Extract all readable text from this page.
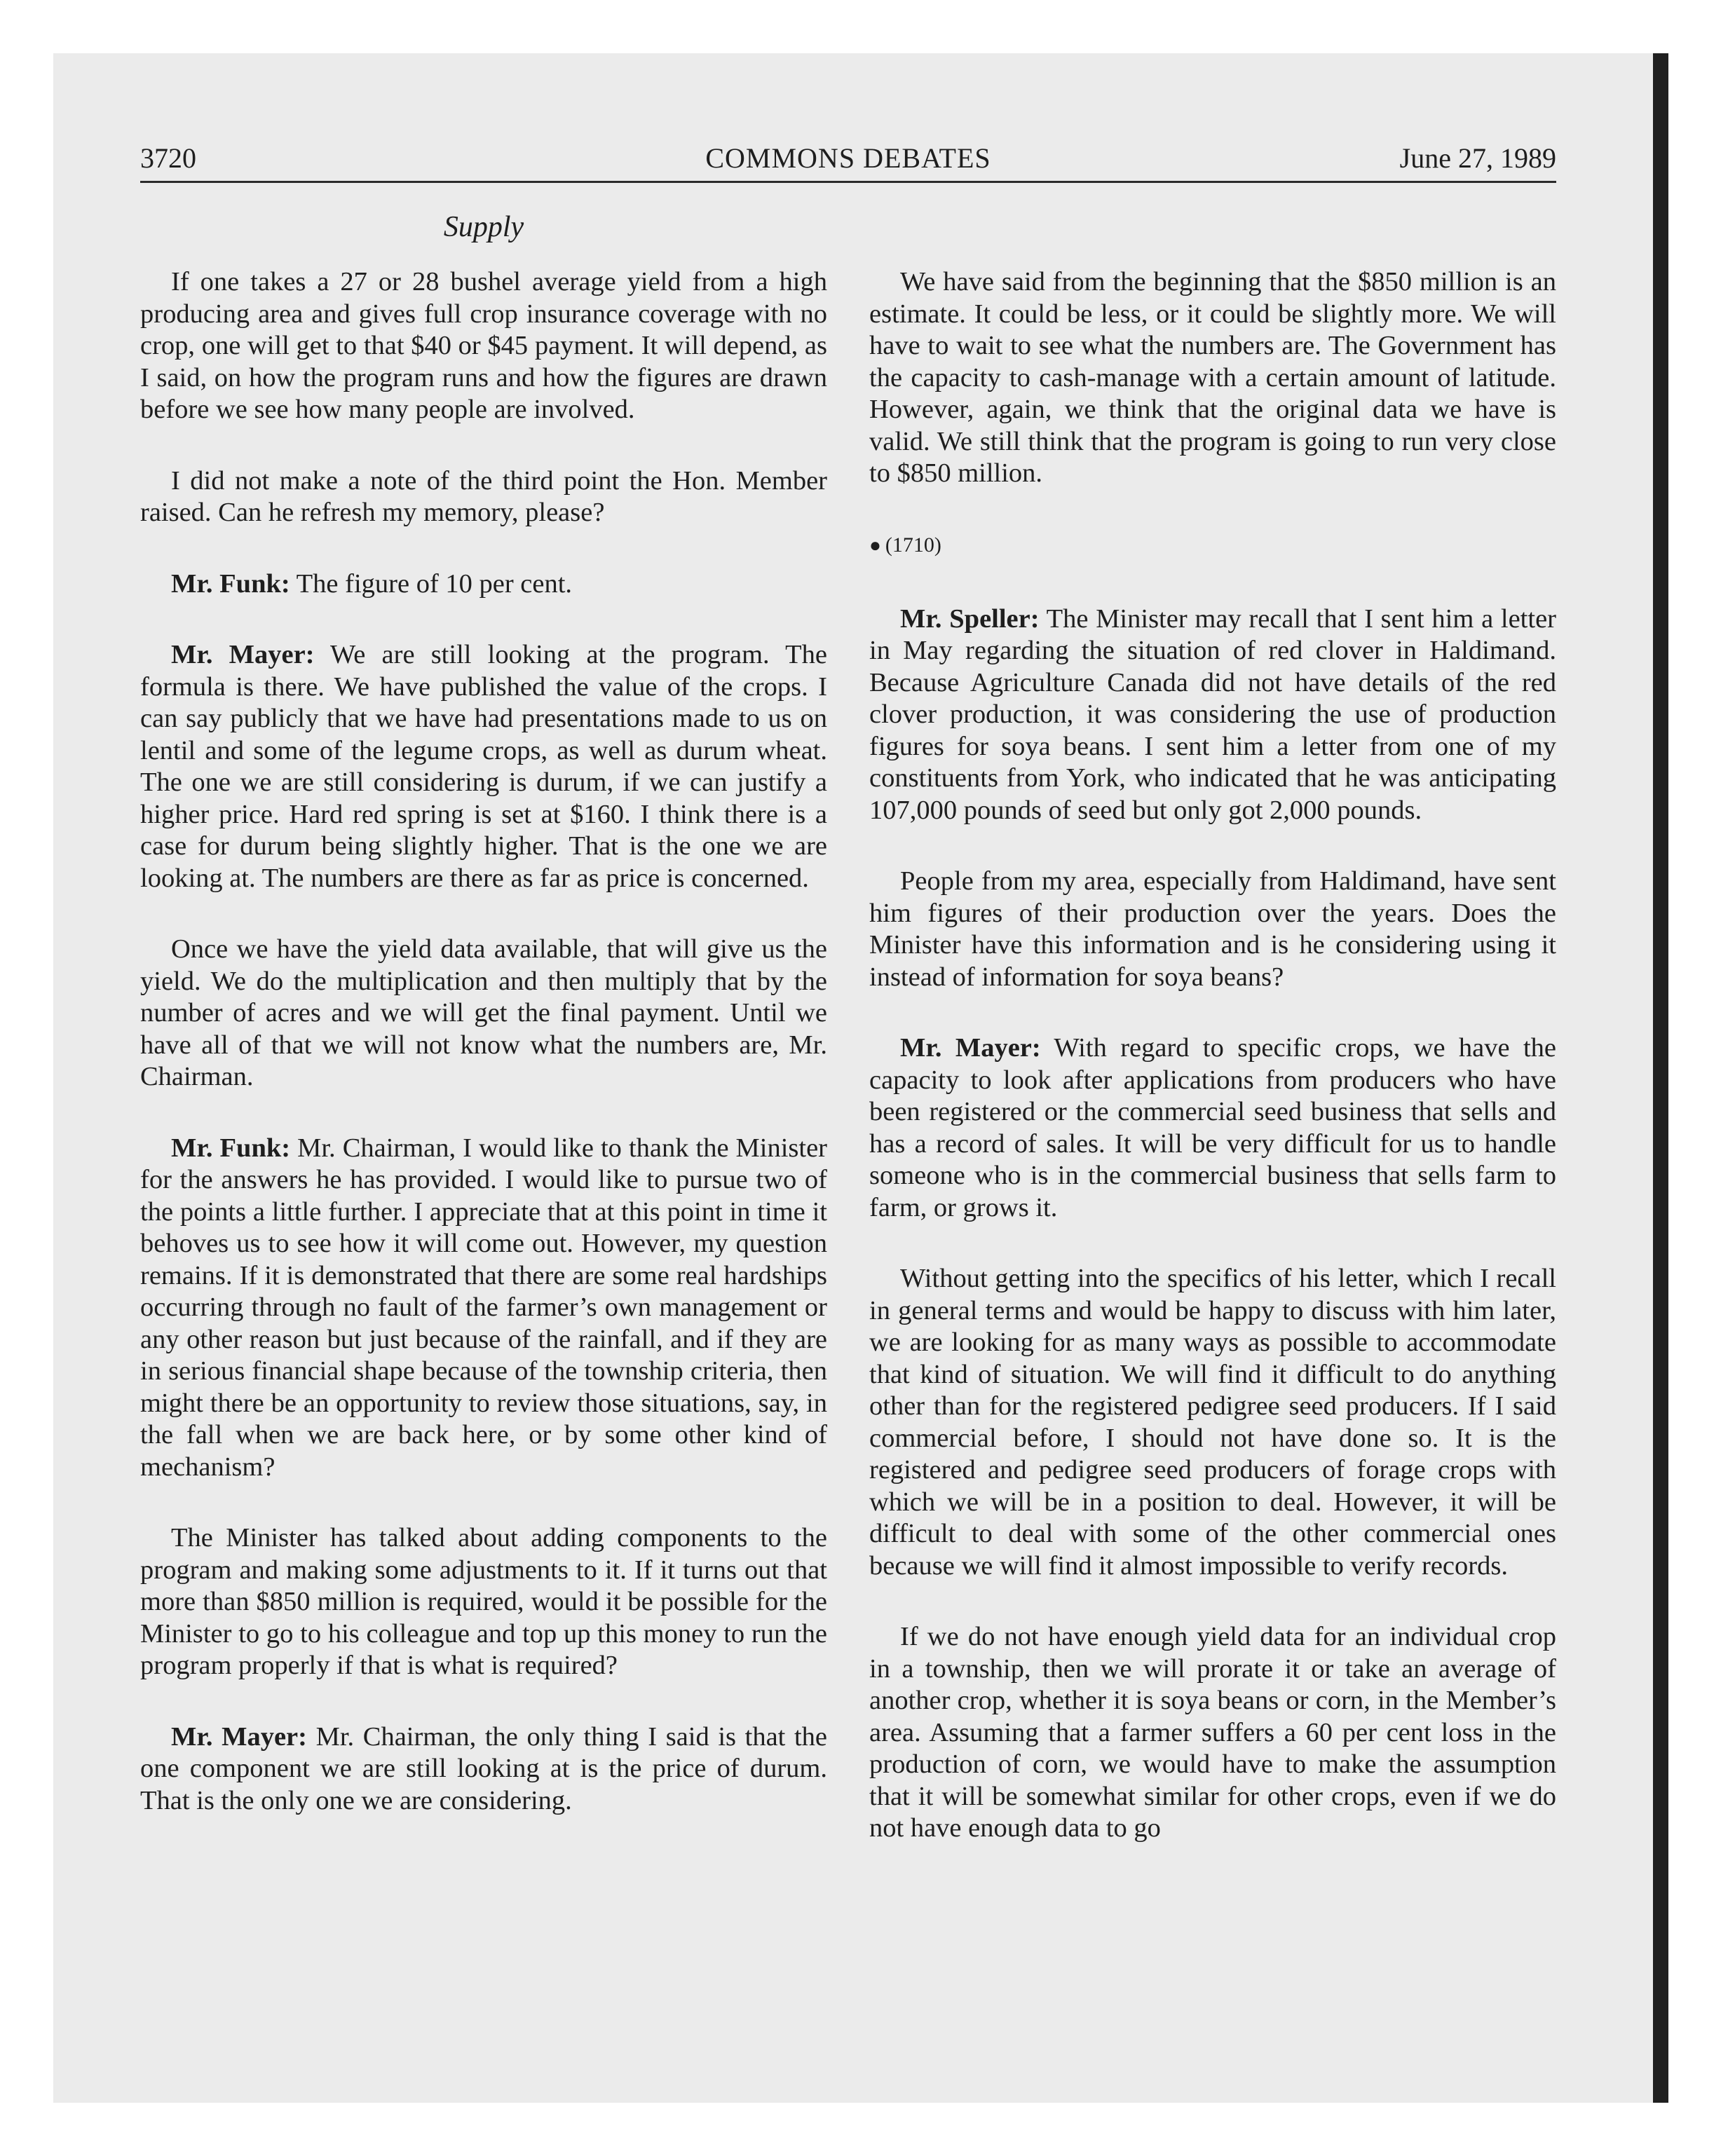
3720	COMMONS DEBATES	June 27, 1989
Supply

If one takes a 27 or 28 bushel average yield from a high producing area and gives full crop insurance coverage with no crop, one will get to that $40 or $45 payment. It will depend, as I said, on how the program runs and how the figures are drawn before we see how many people are involved.

I did not make a note of the third point the Hon. Member raised. Can he refresh my memory, please?

Mr. Funk: The figure of 10 per cent.

Mr. Mayer: We are still looking at the program. The formula is there. We have published the value of the crops. I can say publicly that we have had presentations made to us on lentil and some of the legume crops, as well as durum wheat. The one we are still considering is durum, if we can justify a higher price. Hard red spring is set at $160. I think there is a case for durum being slightly higher. That is the one we are looking at. The numbers are there as far as price is concerned.

Once we have the yield data available, that will give us the yield. We do the multiplication and then multiply that by the number of acres and we will get the final payment. Until we have all of that we will not know what the numbers are, Mr. Chairman.

Mr. Funk: Mr. Chairman, I would like to thank the Minister for the answers he has provided. I would like to pursue two of the points a little further. I appreciate that at this point in time it behoves us to see how it will come out. However, my question remains. If it is demonstrated that there are some real hardships occurring through no fault of the farmer’s own management or any other reason but just because of the rainfall, and if they are in serious financial shape because of the township criteria, then might there be an opportunity to review those situations, say, in the fall when we are back here, or by some other kind of mechanism?

The Minister has talked about adding components to the program and making some adjustments to it. If it turns out that more than $850 million is required, would it be possible for the Minister to go to his colleague and top up this money to run the program properly if that is what is required?

Mr. Mayer: Mr. Chairman, the only thing I said is that the one component we are still looking at is the price of durum. That is the only one we are considering.

We have said from the beginning that the $850 million is an estimate. It could be less, or it could be slightly more. We will have to wait to see what the numbers are. The Government has the capacity to cash-manage with a certain amount of latitude. However, again, we think that the original data we have is valid. We still think that the program is going to run very close to $850 million.

● (1710)

Mr. Speller: The Minister may recall that I sent him a letter in May regarding the situation of red clover in Haldimand. Because Agriculture Canada did not have details of the red clover production, it was considering the use of production figures for soya beans. I sent him a letter from one of my constituents from York, who indicated that he was anticipating 107,000 pounds of seed but only got 2,000 pounds.

People from my area, especially from Haldimand, have sent him figures of their production over the years. Does the Minister have this information and is he considering using it instead of information for soya beans?

Mr. Mayer: With regard to specific crops, we have the capacity to look after applications from producers who have been registered or the commercial seed business that sells and has a record of sales. It will be very difficult for us to handle someone who is in the commercial business that sells farm to farm, or grows it.

Without getting into the specifics of his letter, which I recall in general terms and would be happy to discuss with him later, we are looking for as many ways as possible to accommodate that kind of situation. We will find it difficult to do anything other than for the registered pedigree seed producers. If I said commercial before, I should not have done so. It is the registered and pedigree seed producers of forage crops with which we will be in a position to deal. However, it will be difficult to deal with some of the other commercial ones because we will find it almost impossible to verify records.

If we do not have enough yield data for an individual crop in a township, then we will prorate it or take an average of another crop, whether it is soya beans or corn, in the Member’s area. Assuming that a farmer suffers a 60 per cent loss in the production of corn, we would have to make the assumption that it will be somewhat similar for other crops, even if we do not have enough data to go
